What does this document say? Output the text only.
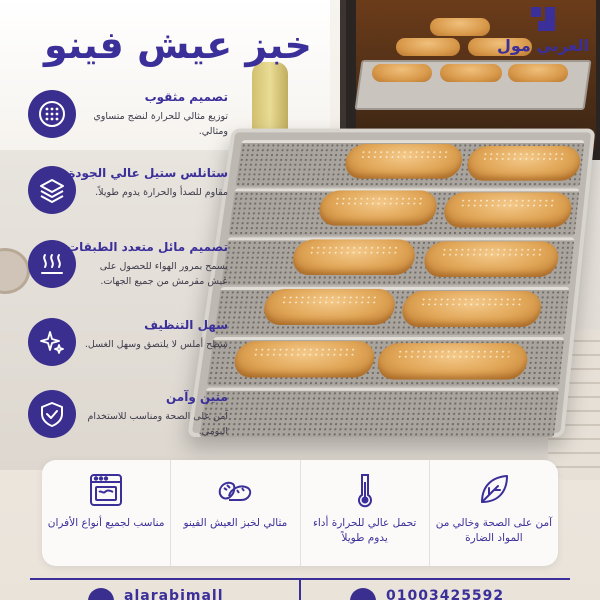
خبز عيش فينو	العربي مول
تصميم مثقوب
توزيع مثالي للحرارة لنضج متساوي ومثالي.
ستانلس ستيل عالي الجودة
مقاوم للصدأ والحرارة يدوم طويلاً.
تصميم مائل متعدد الطبقات
يسمح بمرور الهواء للحصول على عيش مقرمش من جميع الجهات.
سهل التنظيف
سطح أملس لا يلتصق وسهل الغسل.
متين وآمن
آمن على الصحة ومناسب للاستخدام اليومي.
مناسب لجميع أنواع الأفران	مثالي لخبز العيش الفينو	تحمل عالي للحرارة أداء يدوم طويلاً
آمن على الصحة وخالي من المواد الضارة
alarabimall	01003425592
